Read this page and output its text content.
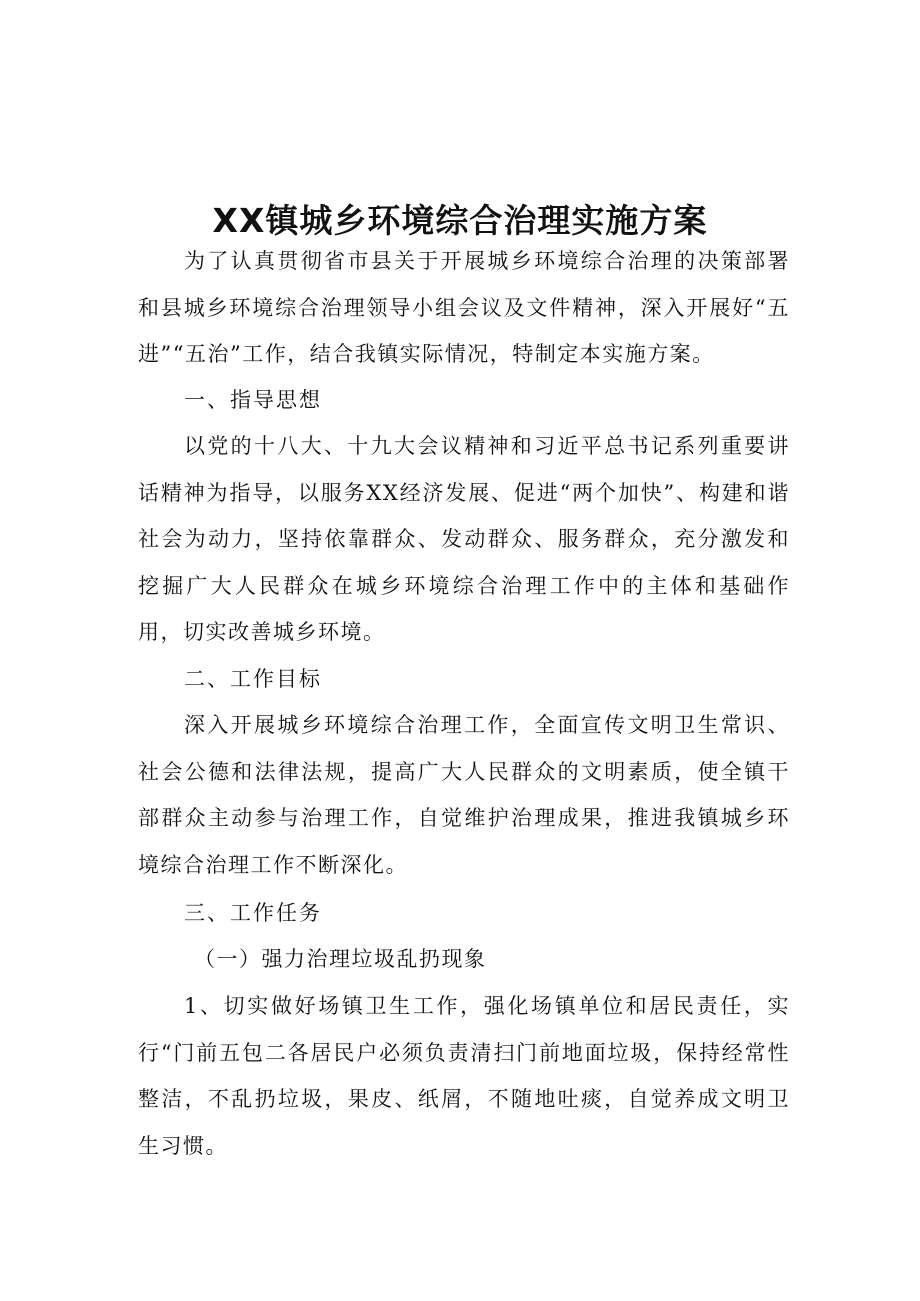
XX镇城乡环境综合治理实施方案

为了认真贯彻省市县关于开展城乡环境综合治理的决策部署和县城乡环境综合治理领导小组会议及文件精神，深入开展好“五进”“五治”工作，结合我镇实际情况，特制定本实施方案。

一、指导思想

以党的十八大、十九大会议精神和习近平总书记系列重要讲话精神为指导，以服务XX经济发展、促进“两个加快”、构建和谐社会为动力，坚持依靠群众、发动群众、服务群众，充分激发和挖掘广大人民群众在城乡环境综合治理工作中的主体和基础作用，切实改善城乡环境。

二、工作目标

深入开展城乡环境综合治理工作，全面宣传文明卫生常识、社会公德和法律法规，提高广大人民群众的文明素质，使全镇干部群众主动参与治理工作，自觉维护治理成果，推进我镇城乡环境综合治理工作不断深化。

三、工作任务

（一）强力治理垃圾乱扔现象

1、切实做好场镇卫生工作，强化场镇单位和居民责任，实行“门前五包二各居民户必须负责清扫门前地面垃圾，保持经常性整洁，不乱扔垃圾，果皮、纸屑，不随地吐痰，自觉养成文明卫生习惯。
